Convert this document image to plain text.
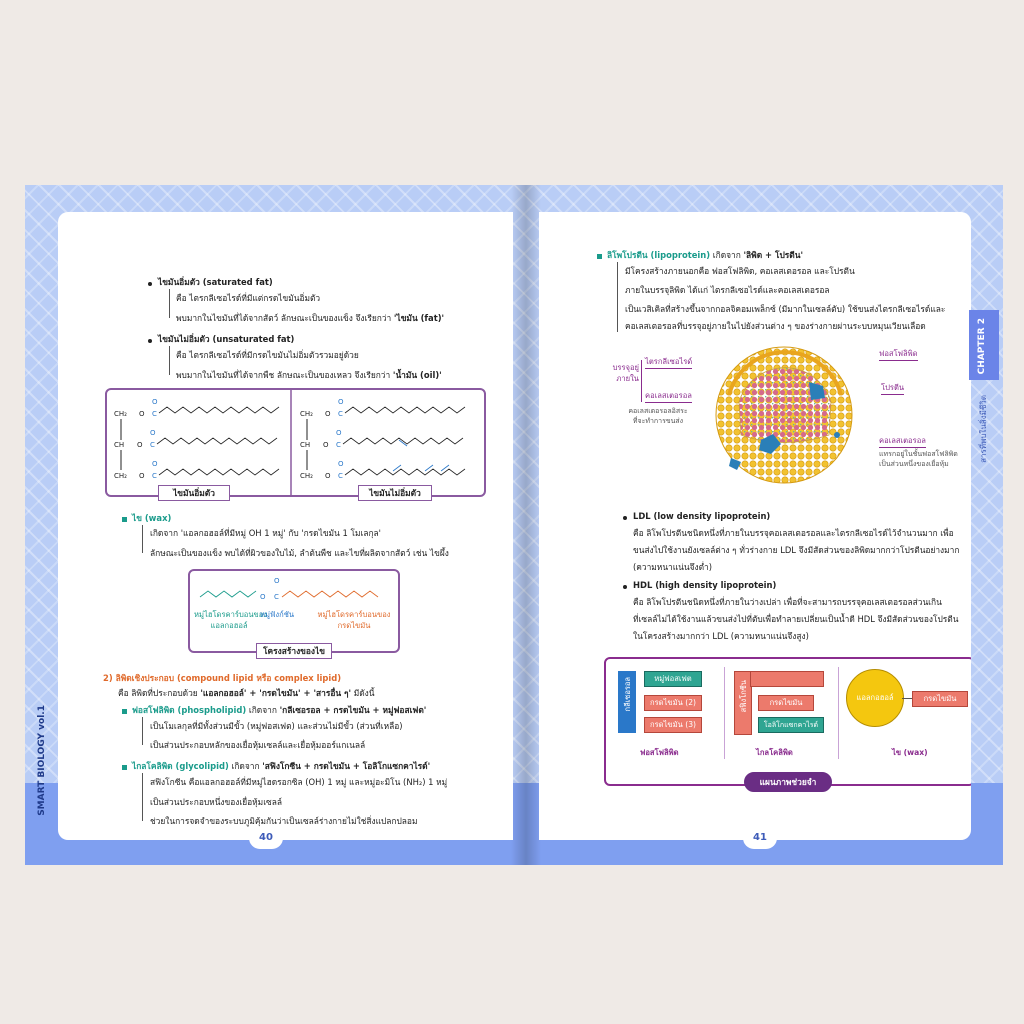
ไขมันอิ่มตัว (saturated fat)
คือ ไตรกลีเซอไรด์ที่มีแต่กรดไขมันอิ่มตัว
พบมากในไขมันที่ได้จากสัตว์ ลักษณะเป็นของแข็ง จึงเรียกว่า 'ไขมัน (fat)'
ไขมันไม่อิ่มตัว (unsaturated fat)
คือ ไตรกลีเซอไรด์ที่มีกรดไขมันไม่อิ่มตัวรวมอยู่ด้วย
พบมากในไขมันที่ได้จากพืช ลักษณะเป็นของเหลว จึงเรียกว่า 'น้ำมัน (oil)'
CH₂
CH
CH₂
O
O
O
C
C
C
O
O
O
CH₂
CH
CH₂
O
O
O
C
C
C
O
O
O
ไขมันอิ่มตัว	ไขมันไม่อิ่มตัว
ไข (wax)
เกิดจาก 'แอลกอฮอล์ที่มีหมู่ OH 1 หมู่' กับ 'กรดไขมัน 1 โมเลกุล'
ลักษณะเป็นของแข็ง พบได้ที่ผิวของใบไม้, ลำต้นพืช และไขที่ผลิตจากสัตว์ เช่น ไขผึ้ง
O C
O
หมู่ไฮโดรคาร์บอนของ
แอลกอฮอล์
หมู่ฟังก์ชัน	หมู่ไฮโดรคาร์บอนของ
กรดไขมัน
โครงสร้างของไข
2) ลิพิดเชิงประกอบ (compound lipid หรือ complex lipid)
คือ ลิพิดที่ประกอบด้วย 'แอลกอฮอล์' + 'กรดไขมัน' + 'สารอื่น ๆ' มีดังนี้
ฟอสโฟลิพิด (phospholipid) เกิดจาก 'กลีเซอรอล + กรดไขมัน + หมู่ฟอสเฟต'
เป็นโมเลกุลที่มีทั้งส่วนมีขั้ว (หมู่ฟอสเฟต) และส่วนไม่มีขั้ว (ส่วนที่เหลือ)
เป็นส่วนประกอบหลักของเยื่อหุ้มเซลล์และเยื่อหุ้มออร์แกเนลล์
ไกลโคลิพิด (glycolipid) เกิดจาก 'สฟิงโกซีน + กรดไขมัน + โอลิโกแซกคาไรด์'
สฟิงโกซีน คือแอลกอฮอล์ที่มีหมู่ไฮดรอกซิล (OH) 1 หมู่ และหมู่อะมิโน (NH₂) 1 หมู่
เป็นส่วนประกอบหนึ่งของเยื่อหุ้มเซลล์
ช่วยในการจดจำของระบบภูมิคุ้มกันว่าเป็นเซลล์ร่างกายไม่ใช่สิ่งแปลกปลอม
SMART BIOLOGY vol.1
40
ลิโพโปรตีน (lipoprotein) เกิดจาก 'ลิพิด + โปรตีน'
มีโครงสร้างภายนอกคือ ฟอสโฟลิพิด, คอเลสเตอรอล และโปรตีน
ภายในบรรจุลิพิด ได้แก่ ไตรกลีเซอไรด์และคอเลสเตอรอล
เป็นเวสิเคิลที่สร้างขึ้นจากกอลจิคอมเพล็กซ์ (มีมากในเซลล์ตับ) ใช้ขนส่งไตรกลีเซอไรด์และ
คอเลสเตอรอลที่บรรจุอยู่ภายในไปยังส่วนต่าง ๆ ของร่างกายผ่านระบบหมุนเวียนเลือด
บรรจุอยู่
ภายใน
ไตรกลีเซอไรด์
คอเลสเตอรอล
คอเลสเตอรอลอิสระ
ที่จะทำการขนส่ง
ฟอสโฟลิพิด
โปรตีน
คอเลสเตอรอล
แทรกอยู่ในชั้นฟอสโฟลิพิด
เป็นส่วนหนึ่งของเยื่อหุ้ม
LDL (low density lipoprotein)
คือ ลิโพโปรตีนชนิดหนึ่งที่ภายในบรรจุคอเลสเตอรอลและไตรกลีเซอไรด์ไว้จำนวนมาก เพื่อ
ขนส่งไปใช้งานยังเซลล์ต่าง ๆ ทั่วร่างกาย LDL จึงมีสัดส่วนของลิพิดมากกว่าโปรตีนอย่างมาก
(ความหนาแน่นจึงต่ำ)
HDL (high density lipoprotein)
คือ ลิโพโปรตีนชนิดหนึ่งที่ภายในว่างเปล่า เพื่อที่จะสามารถบรรจุคอเลสเตอรอลส่วนเกิน
ที่เซลล์ไม่ได้ใช้งานแล้วขนส่งไปที่ตับเพื่อทำลายเปลี่ยนเป็นน้ำดี HDL จึงมีสัดส่วนของโปรตีน
ในโครงสร้างมากกว่า LDL (ความหนาแน่นจึงสูง)
กลีเซอรอล	หมู่ฟอสเฟต
กรดไขมัน (2)
กรดไขมัน (3)
ฟอสโฟลิพิด
สฟิงโกซีน	กรดไขมัน
โอลิโกแซกคาไรด์
ไกลโคลิพิด
แอลกอฮอล์	กรดไขมัน
ไข (wax)
แผนภาพช่วยจำ
CHAPTER 2
สารที่พบในสิ่งมีชีวิต
41
